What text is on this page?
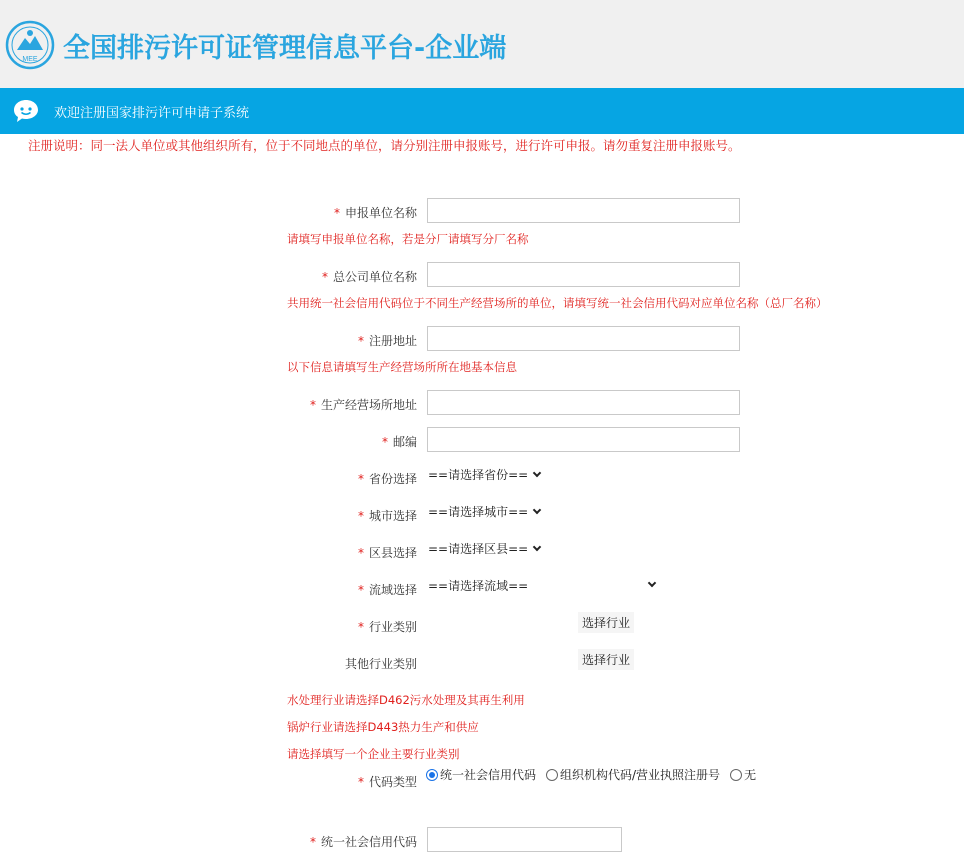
MEE 全国排污许可证管理信息平台-企业端
欢迎注册国家排污许可申请子系统
注册说明：同一法人单位或其他组织所有，位于不同地点的单位，请分别注册申报账号，进行许可申报。请勿重复注册申报账号。
* 申报单位名称
请填写申报单位名称，若是分厂请填写分厂名称
* 总公司单位名称
共用统一社会信用代码位于不同生产经营场所的单位，请填写统一社会信用代码对应单位名称（总厂名称）
* 注册地址
以下信息请填写生产经营场所所在地基本信息
* 生产经营场所地址
* 邮编
* 省份选择 ==请选择省份==
* 城市选择 ==请选择城市==
* 区县选择 ==请选择区县==
* 流域选择 ==请选择流域==
* 行业类别	选择行业
其他行业类别	选择行业
水处理行业请选择D462污水处理及其再生利用
锅炉行业请选择D443热力生产和供应
请选择填写一个企业主要行业类别
* 代码类型 统一社会信用代码 组织机构代码/营业执照注册号 无
* 统一社会信用代码
